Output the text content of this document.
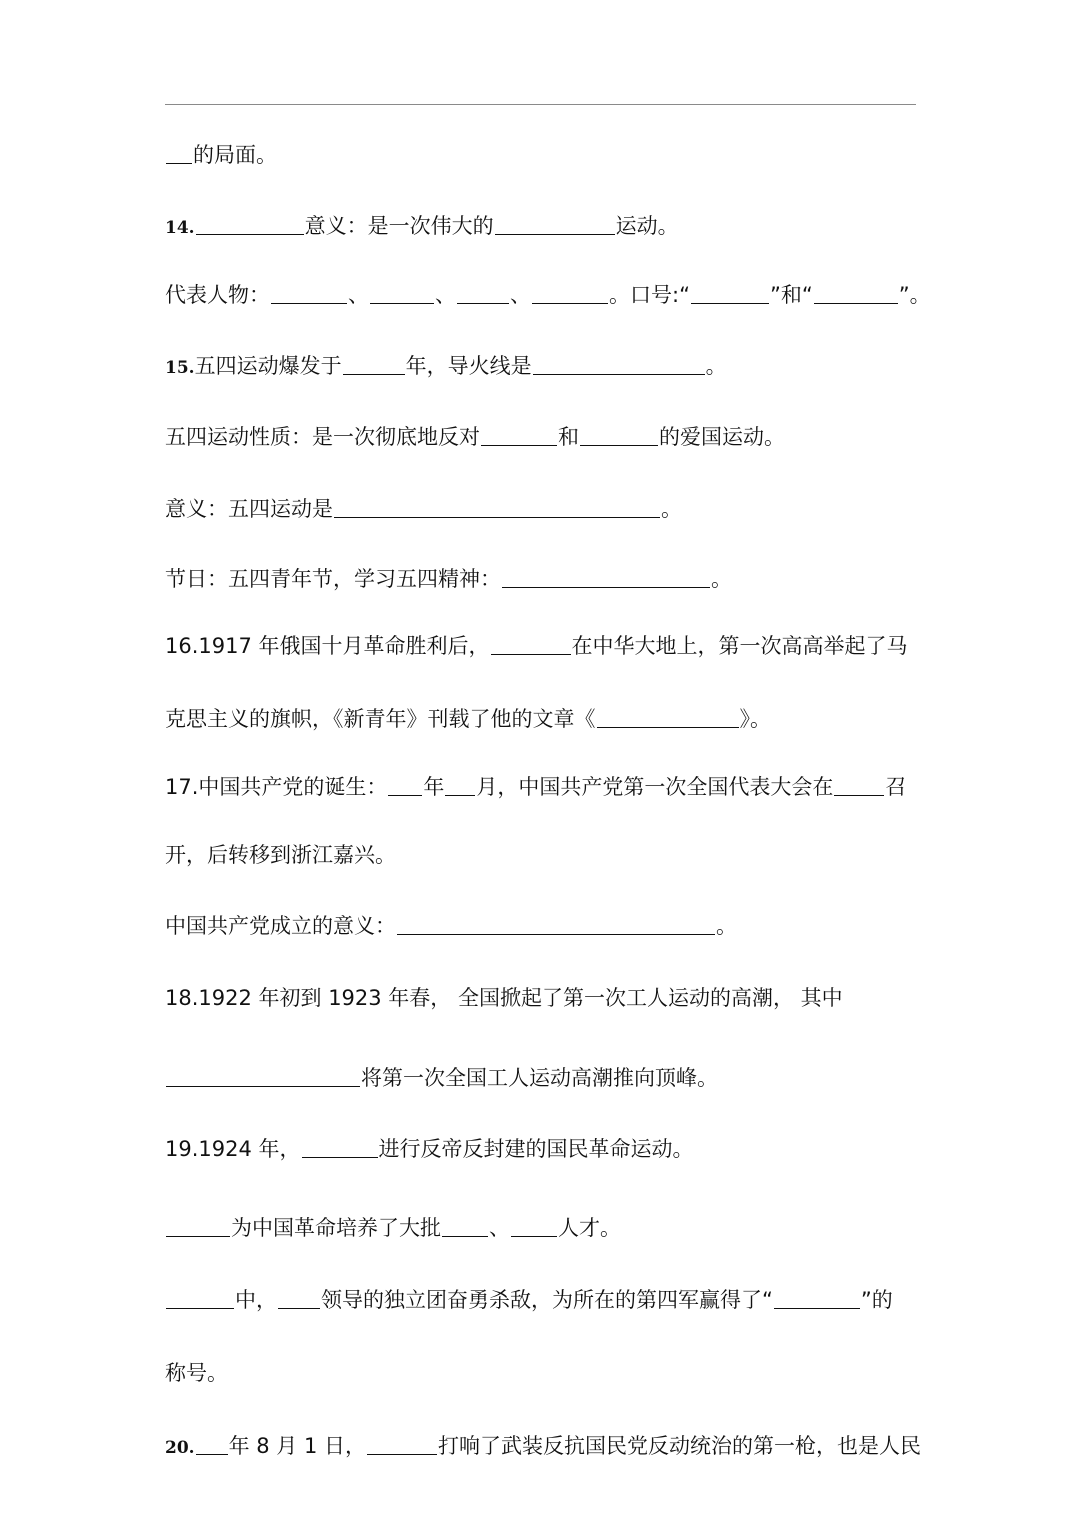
的局面。
14.	意义：是一次伟大的	运动。
代表人物：	、	、	、	。口号:“	”和“	”。
15.五四运动爆发于	年，导火线是	。
五四运动性质：是一次彻底地反对	和	的爱国运动。
意义：五四运动是	。
节日：五四青年节，学习五四精神：	。
16.1917 年俄国十月革命胜利后，	在中华大地上，第一次高高举起了马
克思主义的旗帜，《新青年》刊载了他的文章《	》。
17.中国共产党的诞生： 年 月，中国共产党第一次全国代表大会在 召
开，后转移到浙江嘉兴。
中国共产党成立的意义：	。
18.1922 年初到 1923 年春， 全国掀起了第一次工人运动的高潮， 其中
将第一次全国工人运动高潮推向顶峰。
19.1924 年，	进行反帝反封建的国民革命运动。
为中国革命培养了大批 、 人才。
中， 领导的独立团奋勇杀敌，为所在的第四军赢得了“	”的
称号。
20. 年 8 月 1 日，	打响了武装反抗国民党反动统治的第一枪，也是人民
